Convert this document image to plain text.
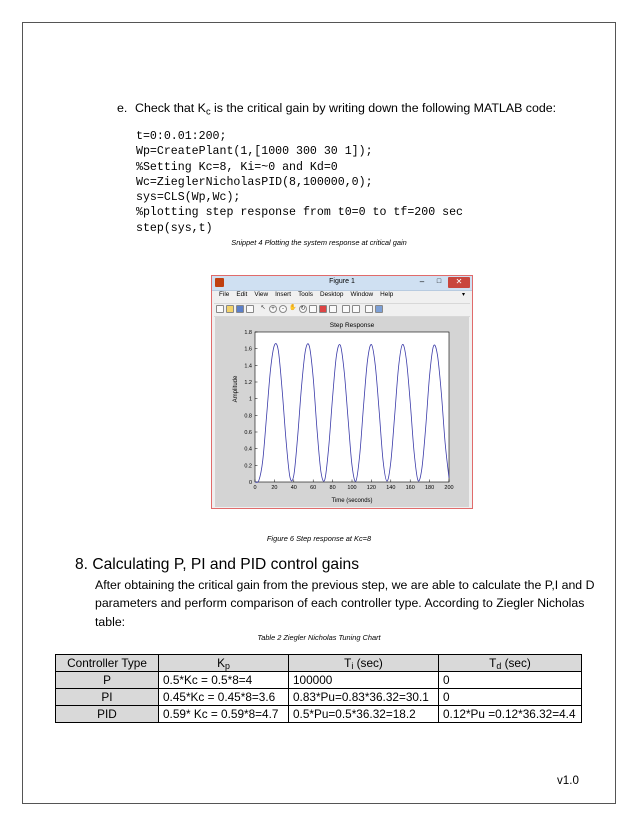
e. Check that $K_c$ is the critical gain by writing down the following MATLAB code:
t=0:0.01:200;
Wp=CreatePlant(1,[1000 300 30 1]);
%Setting Kc=8, Ki=~0 and Kd=0
Wc=ZieglerNicholasPID(8,100000,0);
sys=CLS(Wp,Wc);
%plotting step response from t0=0 to tf=200 sec
step(sys,t)
Snippet 4 Plotting the system response at critical gain
Figure 1	–	□	✕
File Edit View Insert Tools Desktop Window Help	▾
↖ +	- ✋ ↻
0
0.2
0.4
0.6
0.8
1
1.2
1.4
1.6
1.8
0	20 40 60 80 100 120 140 160 180 200
Step Response
Time (seconds)
Amplitude
Figure 6 Step response at Kc=8
8. Calculating P, PI and PID control gains

After obtaining the critical gain from the previous step, we are able to calculate the P,I and D

parameters and perform comparison of each controller type. According to Ziegler Nicholas

table:

Table 2 Ziegler Nicholas Tuning Chart
Controller Type	$K_p$	$T_i$ (sec)	$T_d$ (sec)
P	0.5*Kc = 0.5*8=4	100000	0
PI	0.45*Kc = 0.45*8=3.6	0.83*Pu=0.83*36.32=30.1	0
PID	0.59* Kc = 0.59*8=4.7	0.5*Pu=0.5*36.32=18.2	0.12*Pu =0.12*36.32=4.4
v1.0
